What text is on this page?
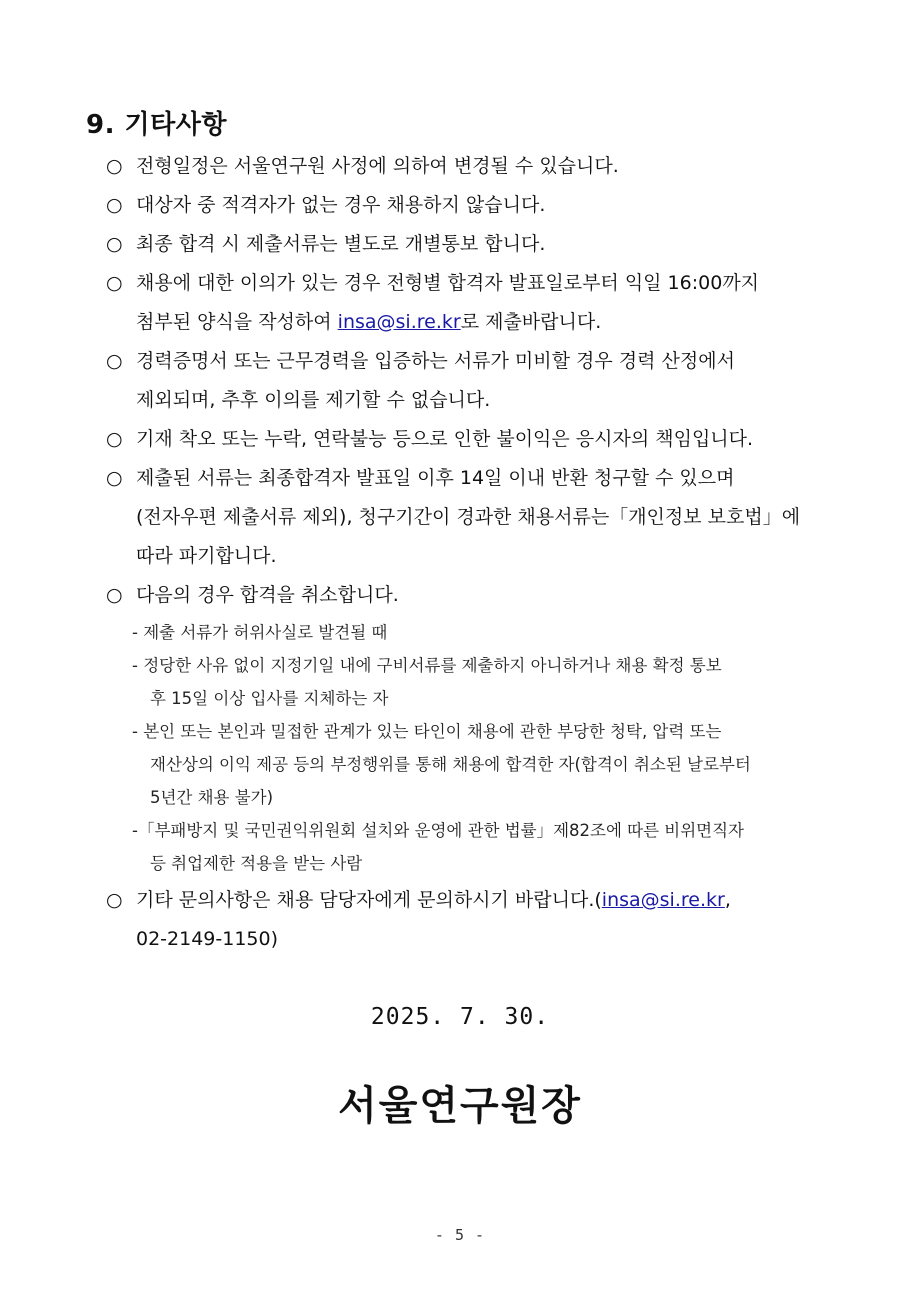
9. 기타사항
○ 전형일정은 서울연구원 사정에 의하여 변경될 수 있습니다.
○ 대상자 중 적격자가 없는 경우 채용하지 않습니다.
○ 최종 합격 시 제출서류는 별도로 개별통보 합니다.
○ 채용에 대한 이의가 있는 경우 전형별 합격자 발표일로부터 익일 16:00까지
첨부된 양식을 작성하여 insa@si.re.kr로 제출바랍니다.
○ 경력증명서 또는 근무경력을 입증하는 서류가 미비할 경우 경력 산정에서
제외되며, 추후 이의를 제기할 수 없습니다.
○ 기재 착오 또는 누락, 연락불능 등으로 인한 불이익은 응시자의 책임입니다.
○ 제출된 서류는 최종합격자 발표일 이후 14일 이내 반환 청구할 수 있으며
(전자우편 제출서류 제외), 청구기간이 경과한 채용서류는「개인정보 보호법」에
따라 파기합니다.
○ 다음의 경우 합격을 취소합니다.
- 제출 서류가 허위사실로 발견될 때
- 정당한 사유 없이 지정기일 내에 구비서류를 제출하지 아니하거나 채용 확정 통보
후 15일 이상 입사를 지체하는 자
- 본인 또는 본인과 밀접한 관계가 있는 타인이 채용에 관한 부당한 청탁, 압력 또는
재산상의 이익 제공 등의 부정행위를 통해 채용에 합격한 자(합격이 취소된 날로부터
5년간 채용 불가)
-「부패방지 및 국민권익위원회 설치와 운영에 관한 법률」제82조에 따른 비위면직자
등 취업제한 적용을 받는 사람
○ 기타 문의사항은 채용 담당자에게 문의하시기 바랍니다.(insa@si.re.kr,
02-2149-1150)
2025. 7. 30.
서울연구원장
- 5 -
